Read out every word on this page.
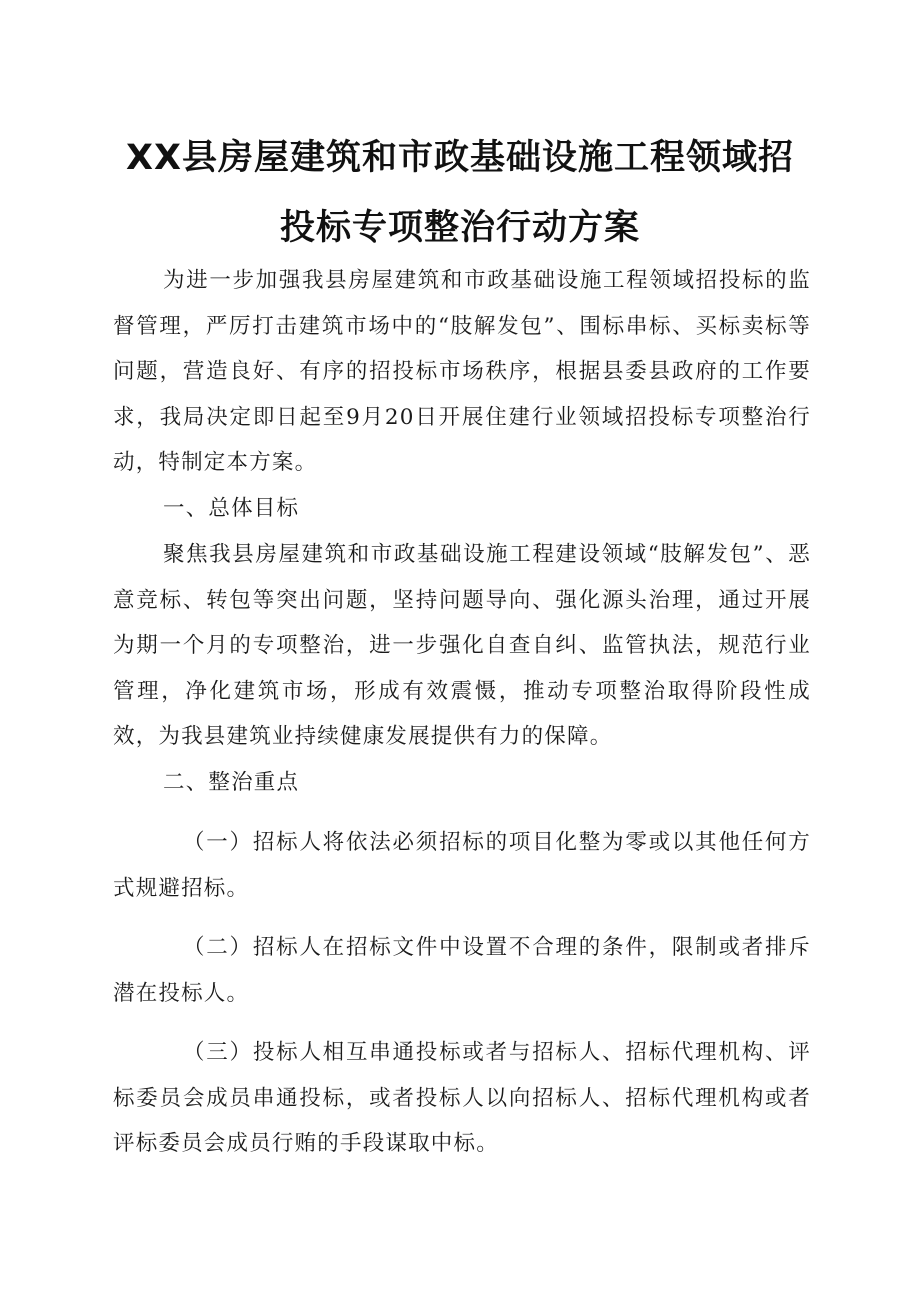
XX县房屋建筑和市政基础设施工程领域招
投标专项整治行动方案

为进一步加强我县房屋建筑和市政基础设施工程领域招投标的监督管理，严厉打击建筑市场中的“肢解发包”、围标串标、买标卖标等问题，营造良好、有序的招投标市场秩序，根据县委县政府的工作要求，我局决定即日起至9月20日开展住建行业领域招投标专项整治行动，特制定本方案。

一、总体目标

聚焦我县房屋建筑和市政基础设施工程建设领域“肢解发包”、恶意竞标、转包等突出问题，坚持问题导向、强化源头治理，通过开展为期一个月的专项整治，进一步强化自查自纠、监管执法，规范行业管理，净化建筑市场，形成有效震慑，推动专项整治取得阶段性成效，为我县建筑业持续健康发展提供有力的保障。

二、整治重点

（一）招标人将依法必须招标的项目化整为零或以其他任何方式规避招标。

（二）招标人在招标文件中设置不合理的条件，限制或者排斥潜在投标人。

（三）投标人相互串通投标或者与招标人、招标代理机构、评标委员会成员串通投标，或者投标人以向招标人、招标代理机构或者评标委员会成员行贿的手段谋取中标。
